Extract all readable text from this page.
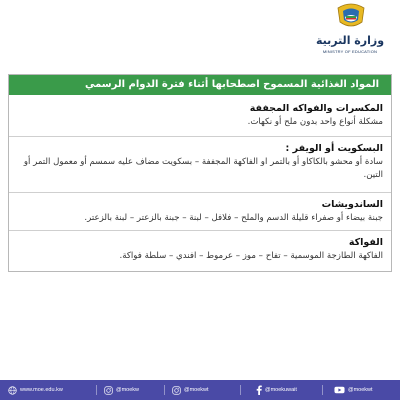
وزارة التربية
MINISTRY OF EDUCATION
المواد الغذائية المسموح اصطحابها أثناء فترة الدوام الرسمي
المكسرات والفواكه المجففة
مشكلة أنواع واحد بدون ملح أو نكهات.
البسكويت أو الويفر :
سادة أو محشو بالكاكاو أو بالتمر او الفاكهة المجففة – بسكويت مضاف عليه سمسم أو معمول التمر أو التين.
الساندويشات
جبنة بيضاء أو صفراء قليلة الدسم والملح – فلافل – لبنة – جبنة بالزعتر – لبنة بالزعتر.
الفواكة
الفاكهة الطازجة الموسمية – تفاح – موز – عرموط – افندي – سلطة فواكة.
www.moe.edu.kw	@moekw	@moekwt	@moekuwait	@moekwt
